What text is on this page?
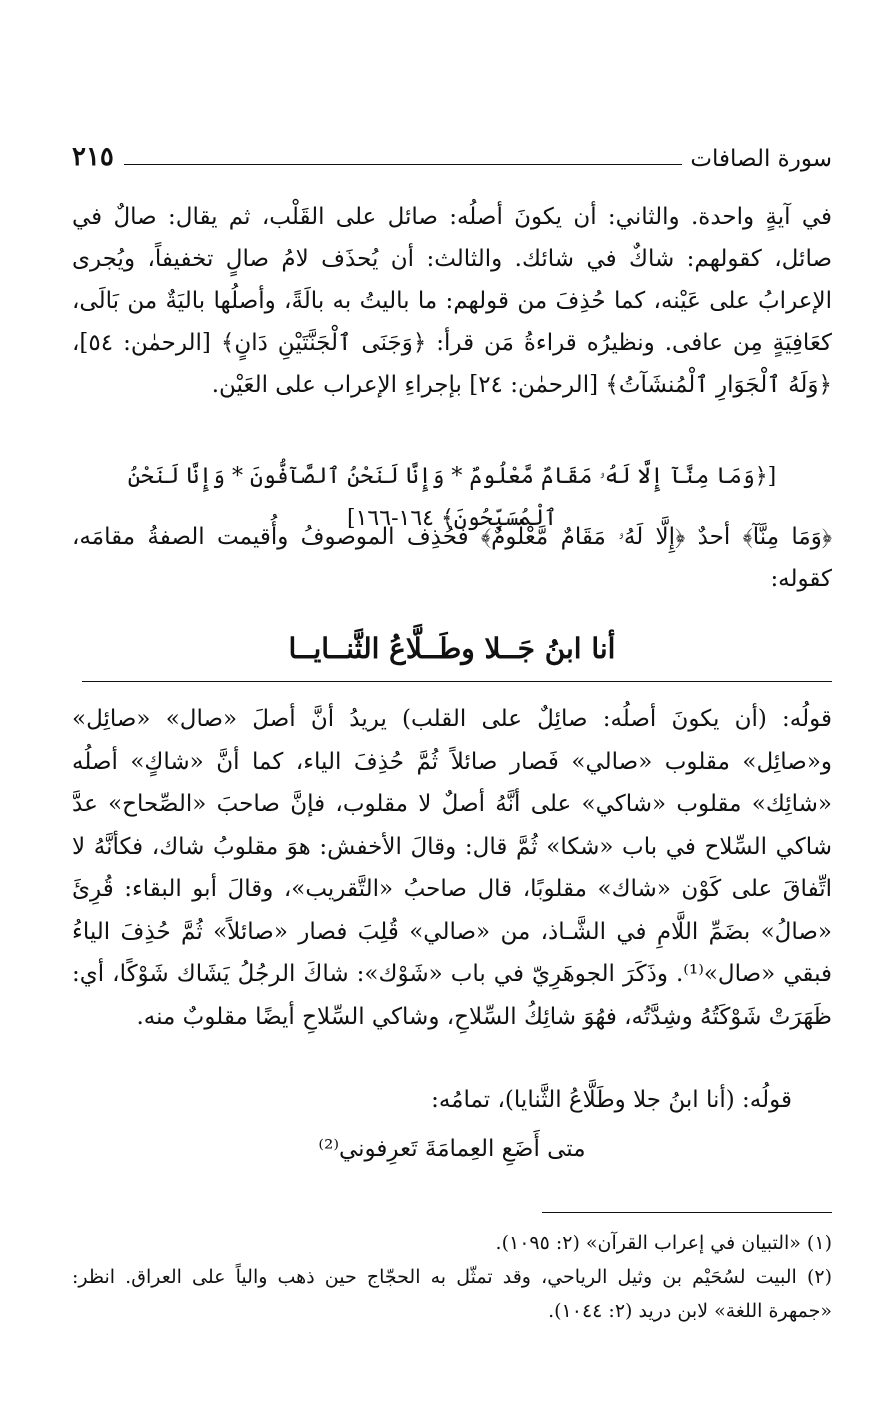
سورة الصافات
٢١٥
في آيةٍ واحدة. والثاني: أن يكونَ أصلُه: صائل على القَلْب، ثم يقال: صالٌ في صائل، كقولهم: شاكٌ في شائك. والثالث: أن يُحذَف لامُ صالٍ تخفيفاً، ويُجرى الإعرابُ على عَيْنه، كما حُذِفَ من قولهم: ما باليتُ به بالَةً، وأصلُها باليَةٌ من بَالَى، كعَافِيَةٍ مِن عافى. ونظيرُه قراءةُ مَن قرأ: ﴿وَجَنَى ٱلْجَنَّتَيْنِ دَانٍ﴾ [الرحمٰن: ٥٤]، ﴿وَلَهُ ٱلْجَوَارِ ٱلْمُنشَآتُ﴾ [الرحمٰن: ٢٤] بإجراءِ الإعراب على العَيْن.
[﴿وَمَا مِنَّآ إِلَّا لَهُۥ مَقَامٌ مَّعْلُومٌ * وَإِنَّا لَنَحْنُ ٱلصَّآفُّونَ * وَإِنَّا لَنَحْنُ ٱلْمُسَبِّحُونَ﴾ ١٦٤-١٦٦]
﴿وَمَا مِنَّآ﴾ أحدٌ ﴿إِلَّا لَهُۥ مَقَامٌ مَّعْلُومٌ﴾ فحُذِف الموصوفُ وأُقيمت الصفةُ مقامَه، كقوله:
أنا ابنُ جَــلا وطَــلَّاعُ الثَّنــايــا
قولُه: (أن يكونَ أصلُه: صائِلٌ على القلب) يريدُ أنَّ أصلَ «صال» «صائِل» و«صائِل» مقلوب «صالي» فَصار صائلاً ثُمَّ حُذِفَ الياء، كما أنَّ «شاكٍ» أصلُه «شائِك» مقلوب «شاكي» على أنَّهُ أصلٌ لا مقلوب، فإنَّ صاحبَ «الصِّحاح» عدَّ شاكي السِّلاح في باب «شكا» ثُمَّ قال: وقالَ الأخفش: هوَ مقلوبُ شاك، فكأنَّهُ لا اتِّفاقَ على كَوْن «شاك» مقلوبًا، قال صاحبُ «التَّقريب»، وقالَ أبو البقاء: قُرِئَ «صالُ» بضَمِّ اللَّامِ في الشَّـاذ، من «صالي» قُلِبَ فصار «صائلاً» ثُمَّ حُذِفَ الياءُ فبقي «صال»⁽¹⁾. وذَكَرَ الجوهَرِيّ في باب «شَوْك»: شاكَ الرجُلُ يَشَاك شَوْكًا، أي: ظَهَرَتْ شَوْكَتُهُ وشِدَّتُه، فهُوَ شائِكُ السِّلاحِ، وشاكي السِّلاحِ أيضًا مقلوبٌ منه.
قولُه: (أنا ابنُ جلا وطَلَّاعُ الثَّنايا)، تمامُه:
متى أَضَعِ العِمامَةَ تَعرِفوني⁽²⁾
(١) «التبيان في إعراب القرآن» (٢: ١٠٩٥).
(٢) البيت لسُحَيْم بن وثيل الرياحي، وقد تمثّل به الحجّاج حين ذهب والياً على العراق. انظر: «جمهرة اللغة» لابن دريد (٢: ١٠٤٤).
